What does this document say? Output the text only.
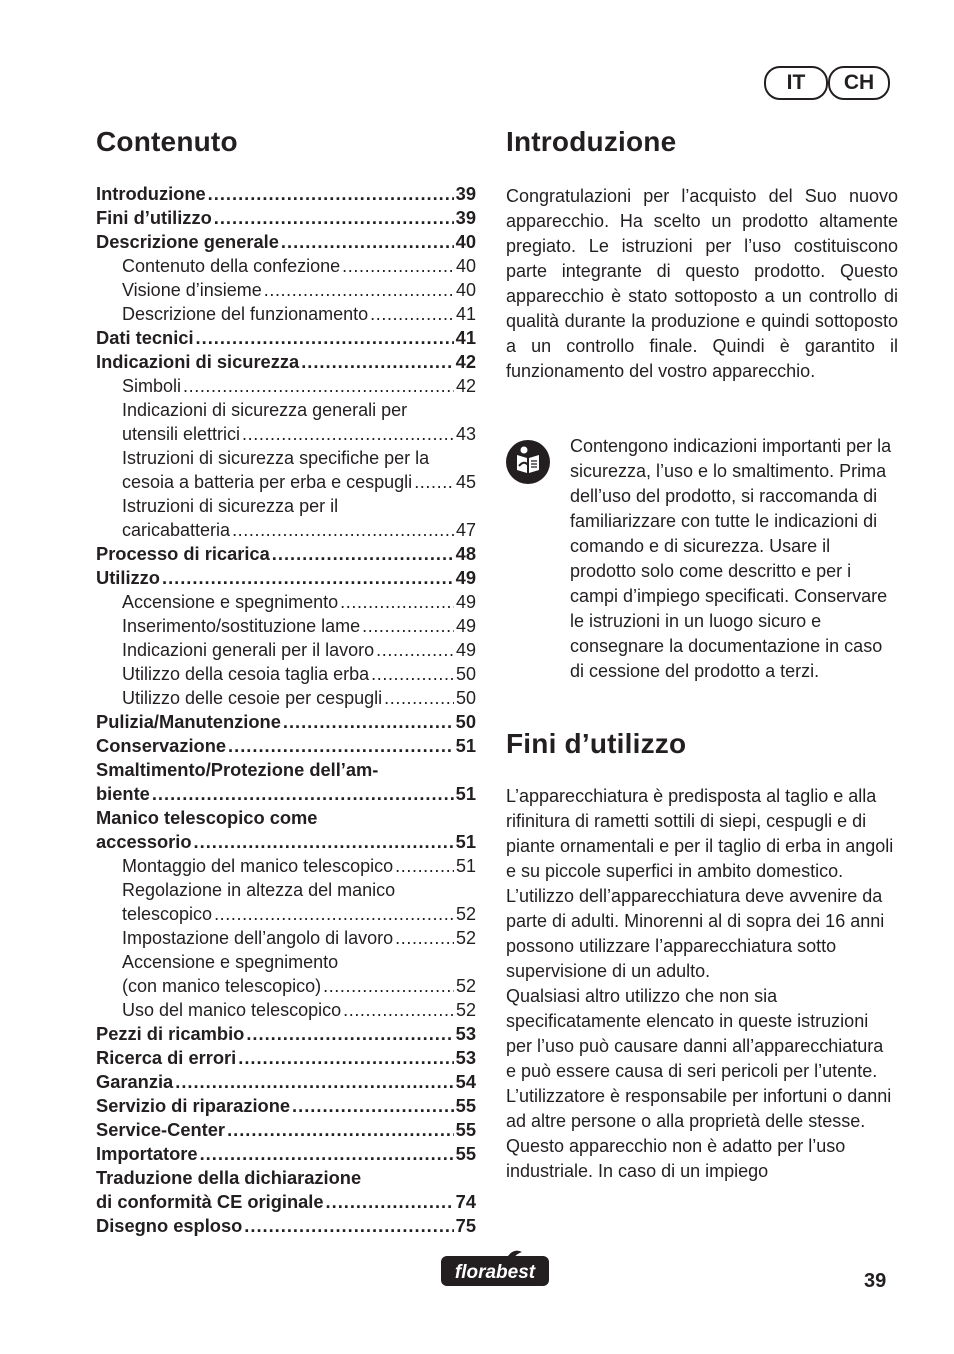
IT	CH
Contenuto
Introduzione .....	39
Fini d’utilizzo .....	39
Descrizione generale .....	40
Contenuto della confezione .....	40
Visione d’insieme .....	40
Descrizione del funzionamento .....	41
Dati tecnici .....	41
Indicazioni di sicurezza .....	42
Simboli .....	42
Indicazioni di sicurezza generali per
utensili elettrici .....	43
Istruzioni di sicurezza specifiche per la
cesoia a batteria per erba e cespugli ..... 45
Istruzioni di sicurezza per il
caricabatteria .....	47
Processo di ricarica .....	48
Utilizzo .....	49
Accensione e spegnimento .....	49
Inserimento/sostituzione lame .....	49
Indicazioni generali per il lavoro .....	49
Utilizzo della cesoia taglia erba .....	50
Utilizzo delle cesoie per cespugli .....	50
Pulizia/Manutenzione .....	50
Conservazione .....	51
Smaltimento/Protezione dell’am-
biente .....	51
Manico telescopico come
accessorio .....	51
Montaggio del manico telescopico .....	51
Regolazione in altezza del manico
telescopico .....	52
Impostazione dell’angolo di lavoro .....	52
Accensione e spegnimento
(con manico telescopico) .....	52
Uso del manico telescopico .....	52
Pezzi di ricambio .....	53
Ricerca di errori .....	53
Garanzia .....	54
Servizio di riparazione .....	55
Service-Center .....	55
Importatore .....	55
Traduzione della dichiarazione
di conformità CE originale .....	74
Disegno esploso .....	75
Introduzione

Congratulazioni per l’acquisto del Suo nuovo apparecchio. Ha scelto un prodotto altamente pregiato. Le istruzioni per l’uso costituiscono parte integrante di questo prodotto. Questo apparecchio è stato sottoposto a un controllo di qualità durante la produzione e quindi sottoposto a un controllo finale. Quindi è garantito il funzionamento del vostro apparecchio.

Contengono indicazioni importanti per la sicurezza, l’uso e lo smaltimento. Prima dell’uso del prodotto, si raccomanda di familiarizzare con tutte le indicazioni di comando e di sicurezza. Usare il prodotto solo come descritto e per i campi d’impiego specificati. Conservare le istruzioni in un luogo sicuro e consegnare la documentazione in caso di cessione del prodotto a terzi.

Fini d’utilizzo
L’apparecchiatura è predisposta al taglio e alla rifinitura di rametti sottili di siepi, cespugli e di piante ornamentali e per il taglio di erba in angoli e su piccole superfici in ambito domestico.
L’utilizzo dell’apparecchiatura deve avvenire da parte di adulti. Minorenni al di sopra dei 16 anni possono utilizzare l’apparecchiatura sotto supervisione di un adulto.
Qualsiasi altro utilizzo che non sia specificatamente elencato in queste istruzioni per l’uso può causare danni all’apparecchiatura e può essere causa di seri pericoli per l’utente. L’utilizzatore è responsabile per infortuni o danni ad altre persone o alla proprietà delle stesse. Questo apparecchio non è adatto per l’uso industriale. In caso di un impiego
florabest	39
